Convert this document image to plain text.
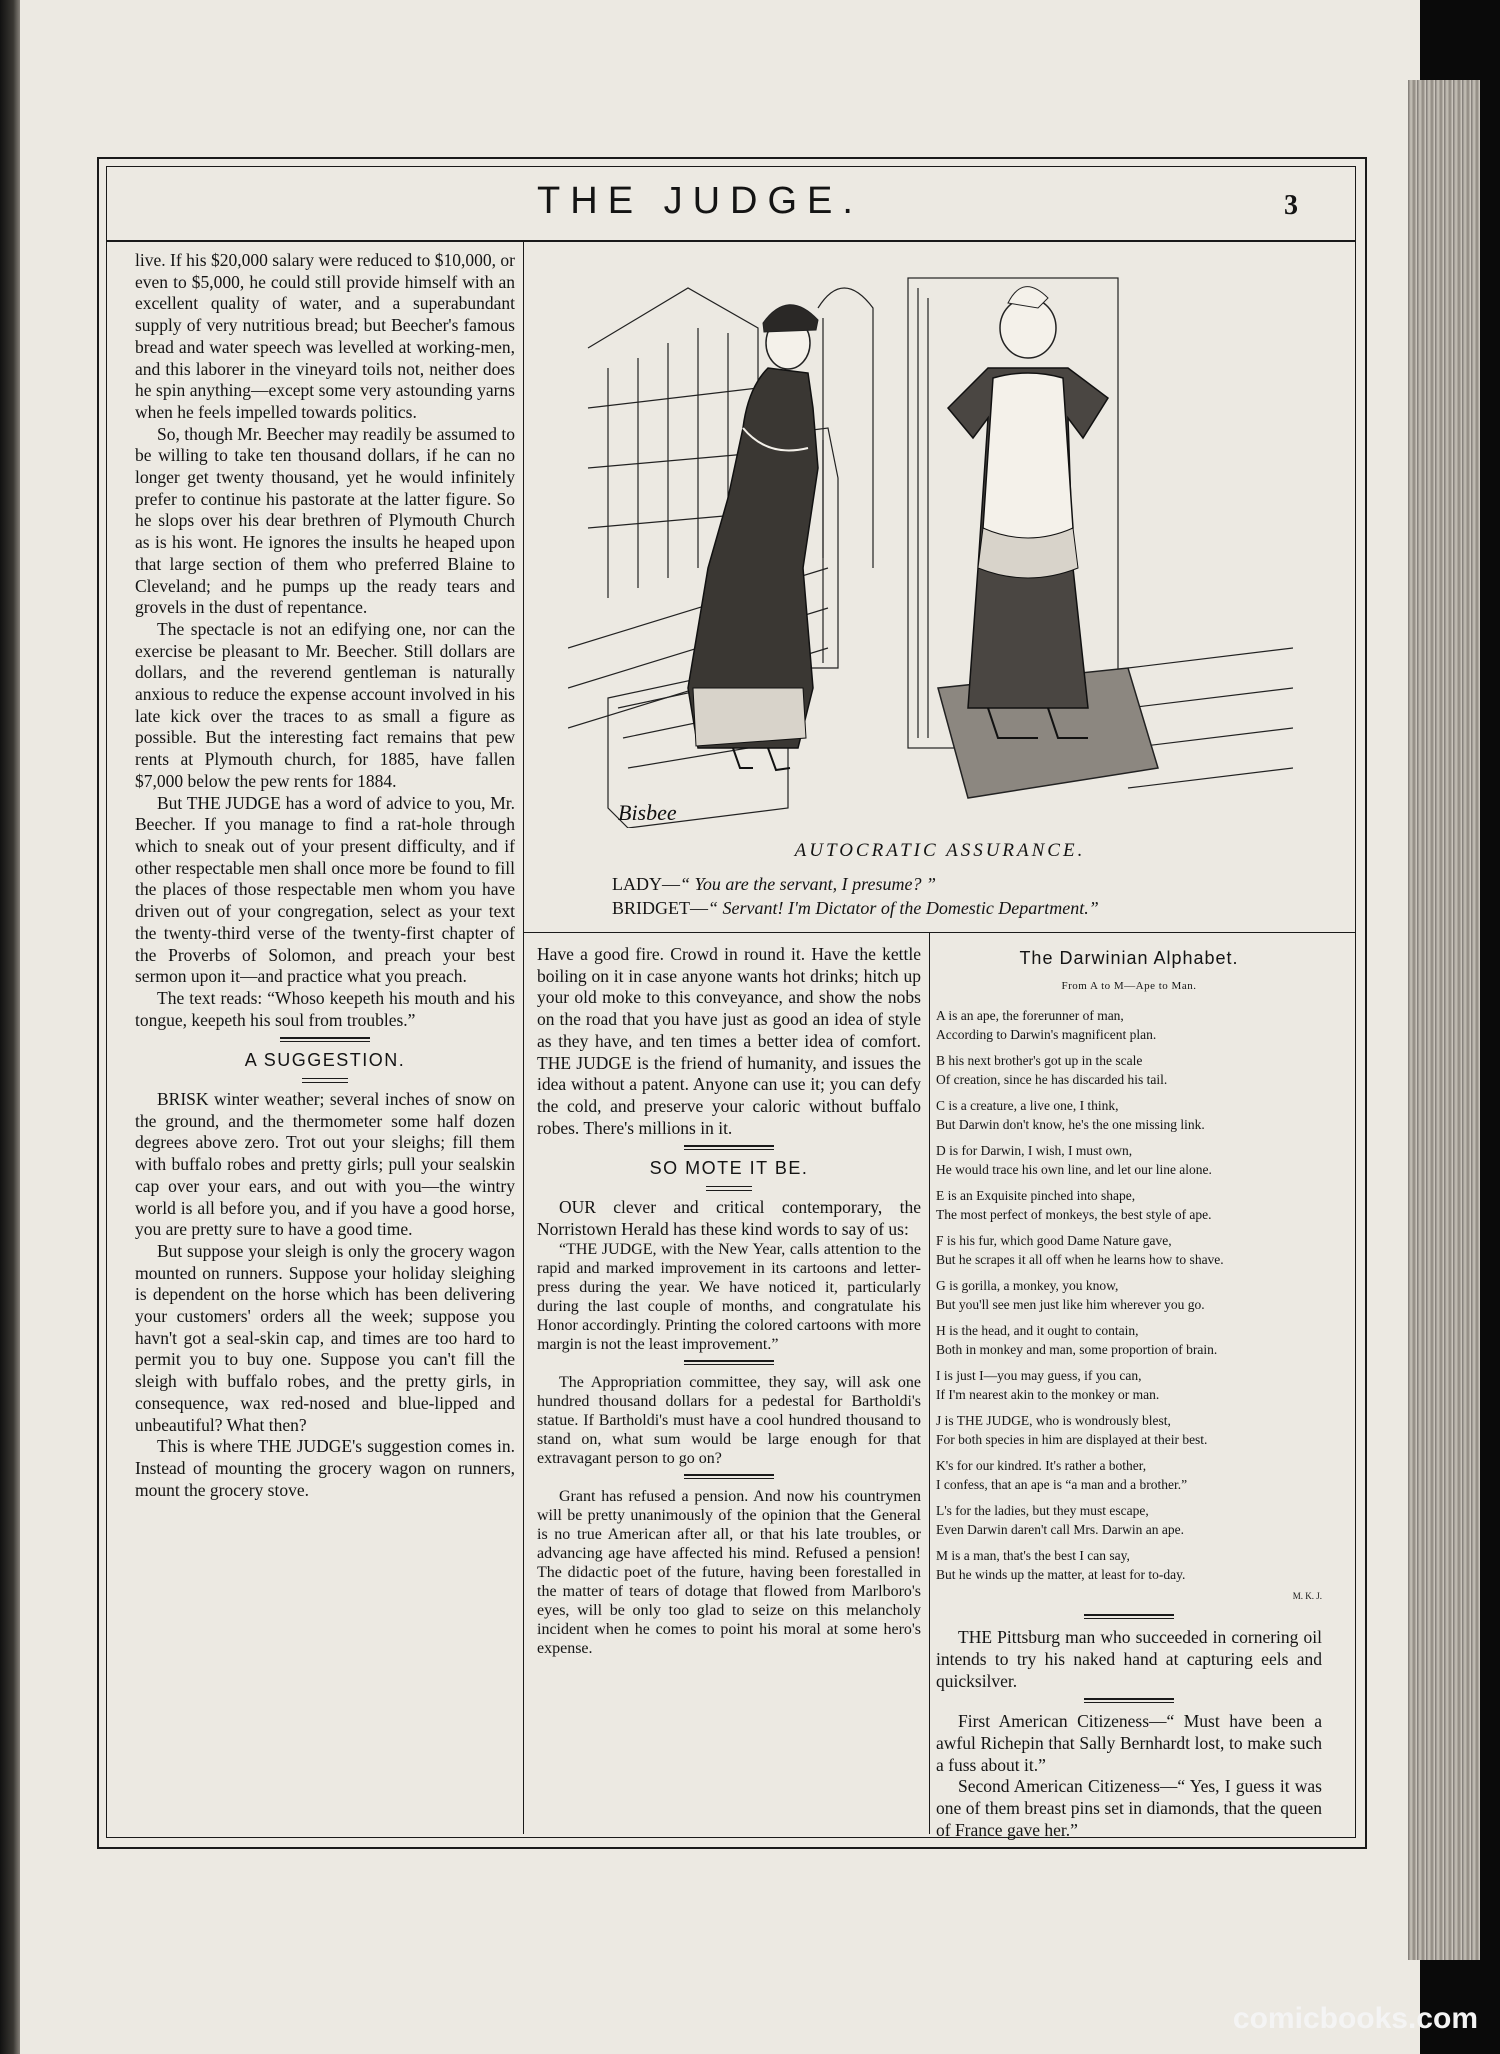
THE JUDGE.	3

live. If his $20,000 salary were reduced to $10,000, or even to $5,000, he could still provide himself with an excellent quality of water, and a superabundant supply of very nutritious bread; but Beecher's famous bread and water speech was levelled at working-men, and this laborer in the vineyard toils not, neither does he spin anything—except some very astounding yarns when he feels impelled towards politics.

So, though Mr. Beecher may readily be assumed to be willing to take ten thousand dollars, if he can no longer get twenty thousand, yet he would infinitely prefer to continue his pastorate at the latter figure. So he slops over his dear brethren of Plymouth Church as is his wont. He ignores the insults he heaped upon that large section of them who preferred Blaine to Cleveland; and he pumps up the ready tears and grovels in the dust of repentance.

The spectacle is not an edifying one, nor can the exercise be pleasant to Mr. Beecher. Still dollars are dollars, and the reverend gentleman is naturally anxious to reduce the expense account involved in his late kick over the traces to as small a figure as possible. But the interesting fact remains that pew rents at Plymouth church, for 1885, have fallen $7,000 below the pew rents for 1884.

But THE JUDGE has a word of advice to you, Mr. Beecher. If you manage to find a rat-hole through which to sneak out of your present difficulty, and if other respectable men shall once more be found to fill the places of those respectable men whom you have driven out of your congregation, select as your text the twenty-third verse of the twenty-first chapter of the Proverbs of Solomon, and preach your best sermon upon it—and practice what you preach.

The text reads: “Whoso keepeth his mouth and his tongue, keepeth his soul from troubles.”

A SUGGESTION.

BRISK winter weather; several inches of snow on the ground, and the thermometer some half dozen degrees above zero. Trot out your sleighs; fill them with buffalo robes and pretty girls; pull your sealskin cap over your ears, and out with you—the wintry world is all before you, and if you have a good horse, you are pretty sure to have a good time.

But suppose your sleigh is only the grocery wagon mounted on runners. Suppose your holiday sleighing is dependent on the horse which has been delivering your customers' orders all the week; suppose you havn't got a seal-skin cap, and times are too hard to permit you to buy one. Suppose you can't fill the sleigh with buffalo robes, and the pretty girls, in consequence, wax red-nosed and blue-lipped and unbeautiful? What then?

This is where THE JUDGE's suggestion comes in. Instead of mounting the grocery wagon on runners, mount the grocery stove.

Bisbee
AUTOCRATIC ASSURANCE.
LADY—“ You are the servant, I presume? ”
BRIDGET—“ Servant! I'm Dictator of the Domestic Department.”

Have a good fire. Crowd in round it. Have the kettle boiling on it in case anyone wants hot drinks; hitch up your old moke to this conveyance, and show the nobs on the road that you have just as good an idea of style as they have, and ten times a better idea of comfort. THE JUDGE is the friend of humanity, and issues the idea without a patent. Anyone can use it; you can defy the cold, and preserve your caloric without buffalo robes. There's millions in it.

SO MOTE IT BE.

OUR clever and critical contemporary, the Norristown Herald has these kind words to say of us:

“THE JUDGE, with the New Year, calls attention to the rapid and marked improvement in its cartoons and letter-press during the year. We have noticed it, particularly during the last couple of months, and congratulate his Honor accordingly. Printing the colored cartoons with more margin is not the least improvement.”

The Appropriation committee, they say, will ask one hundred thousand dollars for a pedestal for Bartholdi's statue. If Bartholdi's must have a cool hundred thousand to stand on, what sum would be large enough for that extravagant person to go on?

Grant has refused a pension. And now his countrymen will be pretty unanimously of the opinion that the General is no true American after all, or that his late troubles, or advancing age have affected his mind. Refused a pension! The didactic poet of the future, having been forestalled in the matter of tears of dotage that flowed from Marlboro's eyes, will be only too glad to seize on this melancholy incident when he comes to point his moral at some hero's expense.

The Darwinian Alphabet.
From A to M—Ape to Man.
A is an ape, the forerunner of man,
According to Darwin's magnificent plan.
B his next brother's got up in the scale
Of creation, since he has discarded his tail.
C is a creature, a live one, I think,
But Darwin don't know, he's the one missing link.
D is for Darwin, I wish, I must own,
He would trace his own line, and let our line alone.
E is an Exquisite pinched into shape,
The most perfect of monkeys, the best style of ape.
F is his fur, which good Dame Nature gave,
But he scrapes it all off when he learns how to shave.
G is gorilla, a monkey, you know,
But you'll see men just like him wherever you go.
H is the head, and it ought to contain,
Both in monkey and man, some proportion of brain.
I is just I—you may guess, if you can,
If I'm nearest akin to the monkey or man.
J is THE JUDGE, who is wondrously blest,
For both species in him are displayed at their best.
K's for our kindred. It's rather a bother,
I confess, that an ape is “a man and a brother.”
L's for the ladies, but they must escape,
Even Darwin daren't call Mrs. Darwin an ape.
M is a man, that's the best I can say,
But he winds up the matter, at least for to-day.
M. K. J.

THE Pittsburg man who succeeded in cornering oil intends to try his naked hand at capturing eels and quicksilver.

First American Citizeness—“ Must have been a awful Richepin that Sally Bernhardt lost, to make such a fuss about it.”

Second American Citizeness—“ Yes, I guess it was one of them breast pins set in diamonds, that the queen of France gave her.”

comicbooks.com
